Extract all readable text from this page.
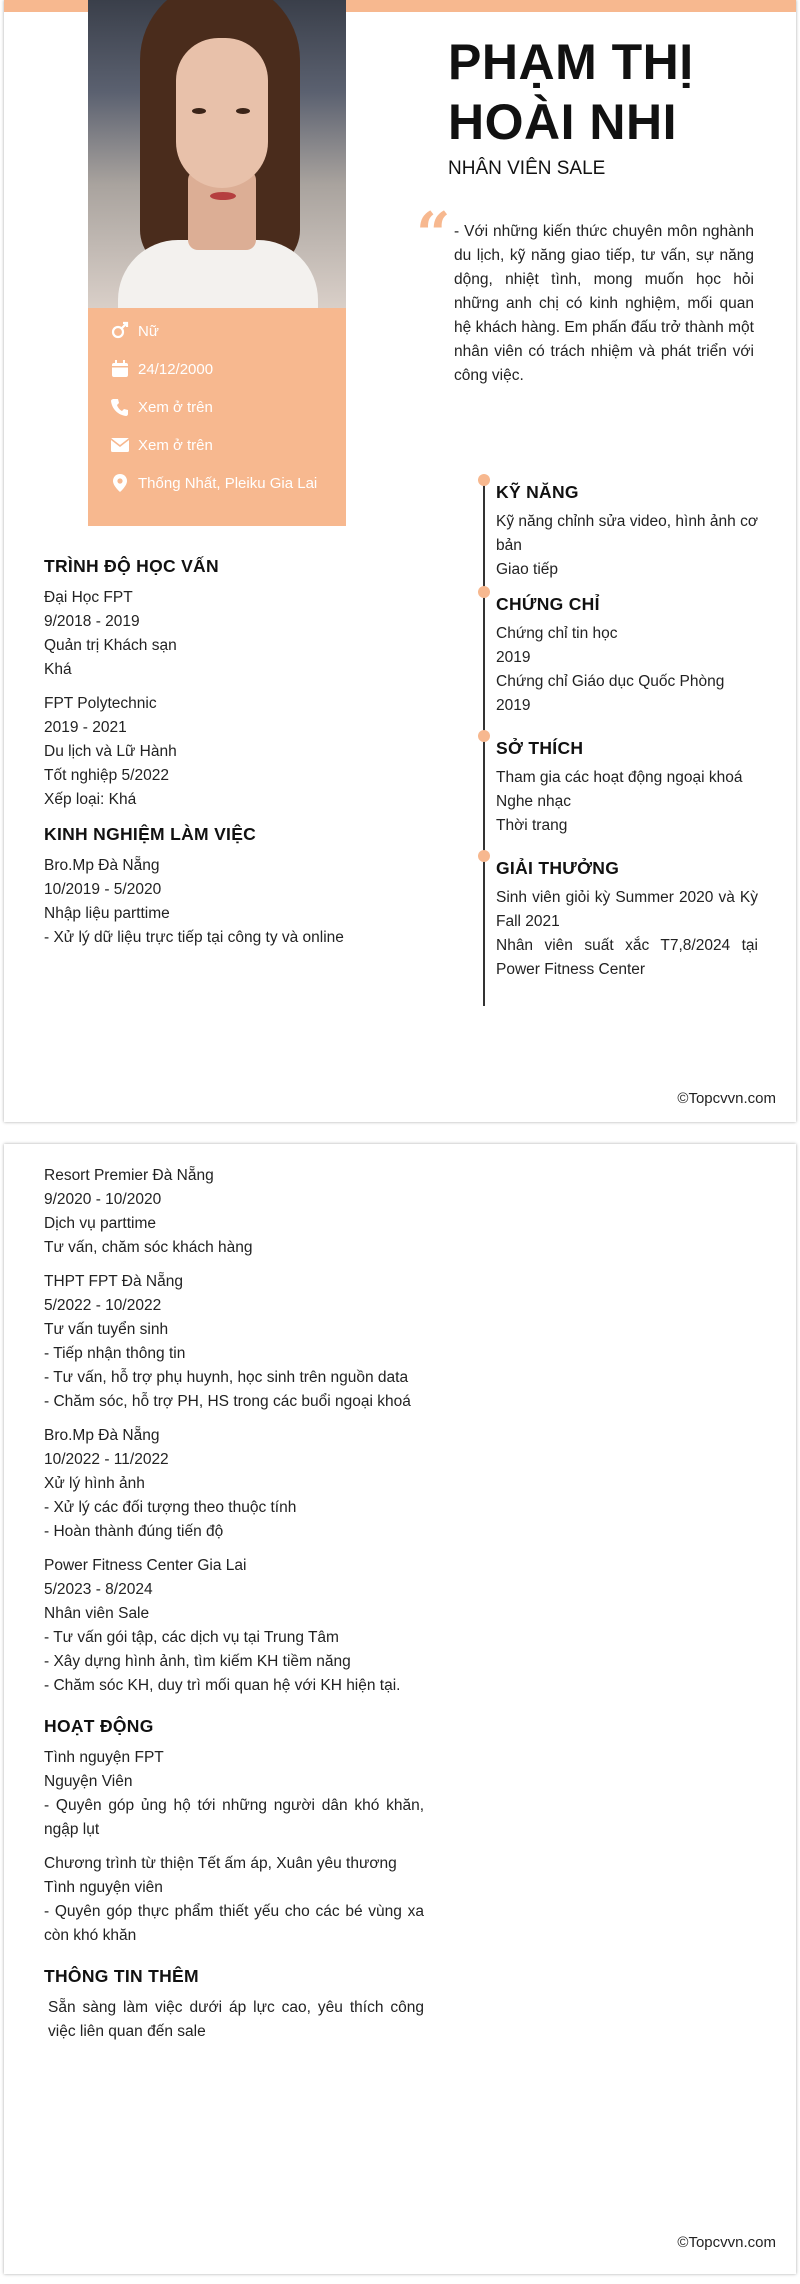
Nữ
24/12/2000
Xem ở trên
Xem ở trên
Thống Nhất, Pleiku Gia Lai
PHẠM THỊ
HOÀI NHI
NHÂN VIÊN SALE
“ - Với những kiến thức chuyên môn nghành du lịch, kỹ năng giao tiếp, tư vấn, sự năng dộng, nhiệt tình, mong muốn học hỏi những anh chị có kinh nghiệm, mối quan hệ khách hàng. Em phấn đấu trở thành một nhân viên có trách nhiệm và phát triển với công việc.
TRÌNH ĐỘ HỌC VẤN
Đại Học FPT
9/2018 - 2019
Quản trị Khách sạn
Khá
FPT Polytechnic
2019 - 2021
Du lịch và Lữ Hành
Tốt nghiệp 5/2022
Xếp loại: Khá
KINH NGHIỆM LÀM VIỆC
Bro.Mp Đà Nẵng
10/2019 - 5/2020
Nhập liệu parttime
- Xử lý dữ liệu trực tiếp tại công ty và online
KỸ NĂNG
Kỹ năng chỉnh sửa video, hình ảnh cơ bản
Giao tiếp
CHỨNG CHỈ
Chứng chỉ tin học
2019
Chứng chỉ Giáo dục Quốc Phòng
2019
SỞ THÍCH
Tham gia các hoạt động ngoại khoá
Nghe nhạc
Thời trang
GIẢI THƯỞNG
Sinh viên giỏi kỳ Summer 2020 và Kỳ Fall 2021
Nhân viên suất xắc T7,8/2024 tại Power Fitness Center
©Topcvvn.com
Resort Premier Đà Nẵng
9/2020 - 10/2020
Dịch vụ parttime
Tư vấn, chăm sóc khách hàng
THPT FPT Đà Nẵng
5/2022 - 10/2022
Tư vấn tuyển sinh
- Tiếp nhận thông tin
- Tư vấn, hỗ trợ phụ huynh, học sinh trên nguồn data
- Chăm sóc, hỗ trợ PH, HS trong các buổi ngoại khoá
Bro.Mp Đà Nẵng
10/2022 - 11/2022
Xử lý hình ảnh
- Xử lý các đối tượng theo thuộc tính
- Hoàn thành đúng tiến độ
Power Fitness Center Gia Lai
5/2023 - 8/2024
Nhân viên Sale
- Tư vấn gói tập, các dịch vụ tại Trung Tâm
- Xây dựng hình ảnh, tìm kiếm KH tiềm năng
- Chăm sóc KH, duy trì mối quan hệ với KH hiện tại.
HOẠT ĐỘNG
Tình nguyện FPT
Nguyện Viên
- Quyên góp ủng hộ tới những người dân khó khăn, ngập lụt
Chương trình từ thiện Tết ấm áp, Xuân yêu thương
Tình nguyện viên
- Quyên góp thực phẩm thiết yếu cho các bé vùng xa còn khó khăn
THÔNG TIN THÊM
Sẵn sàng làm việc dưới áp lực cao, yêu thích công việc liên quan đến sale
©Topcvvn.com
